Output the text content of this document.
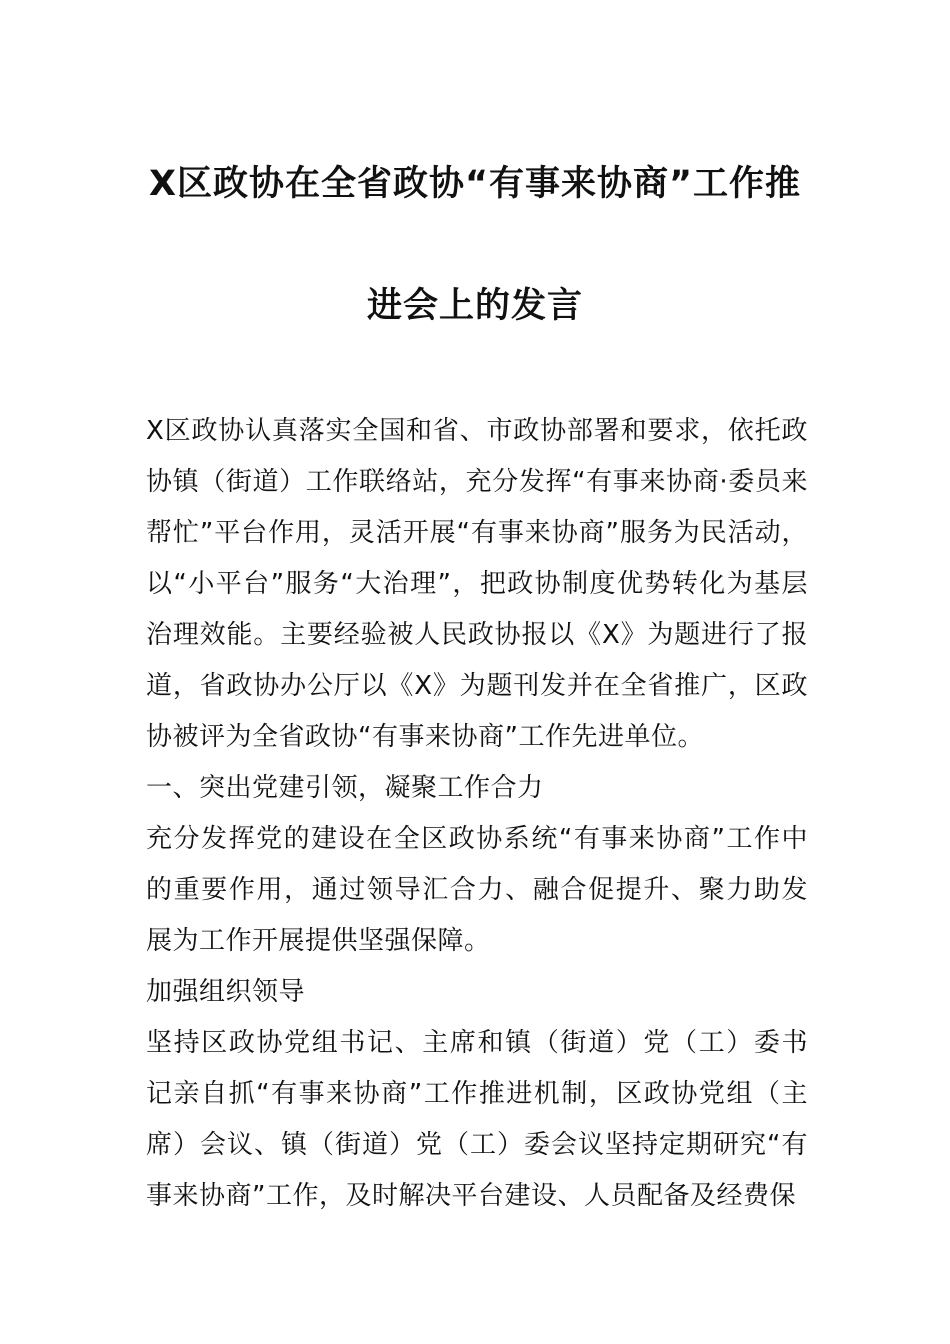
X区政协在全省政协“有事来协商”工作推
进会上的发言

X区政协认真落实全国和省、市政协部署和要求，依托政协镇（街道）工作联络站，充分发挥“有事来协商·委员来帮忙”平台作用，灵活开展“有事来协商”服务为民活动，以“小平台”服务“大治理”，把政协制度优势转化为基层治理效能。主要经验被人民政协报以《X》为题进行了报道，省政协办公厅以《X》为题刊发并在全省推广，区政协被评为全省政协“有事来协商”工作先进单位。

一、突出党建引领，凝聚工作合力

充分发挥党的建设在全区政协系统“有事来协商”工作中的重要作用，通过领导汇合力、融合促提升、聚力助发展为工作开展提供坚强保障。

加强组织领导

坚持区政协党组书记、主席和镇（街道）党（工）委书记亲自抓“有事来协商”工作推进机制，区政协党组（主席）会议、镇（街道）党（工）委会议坚持定期研究“有事来协商”工作，及时解决平台建设、人员配备及经费保
